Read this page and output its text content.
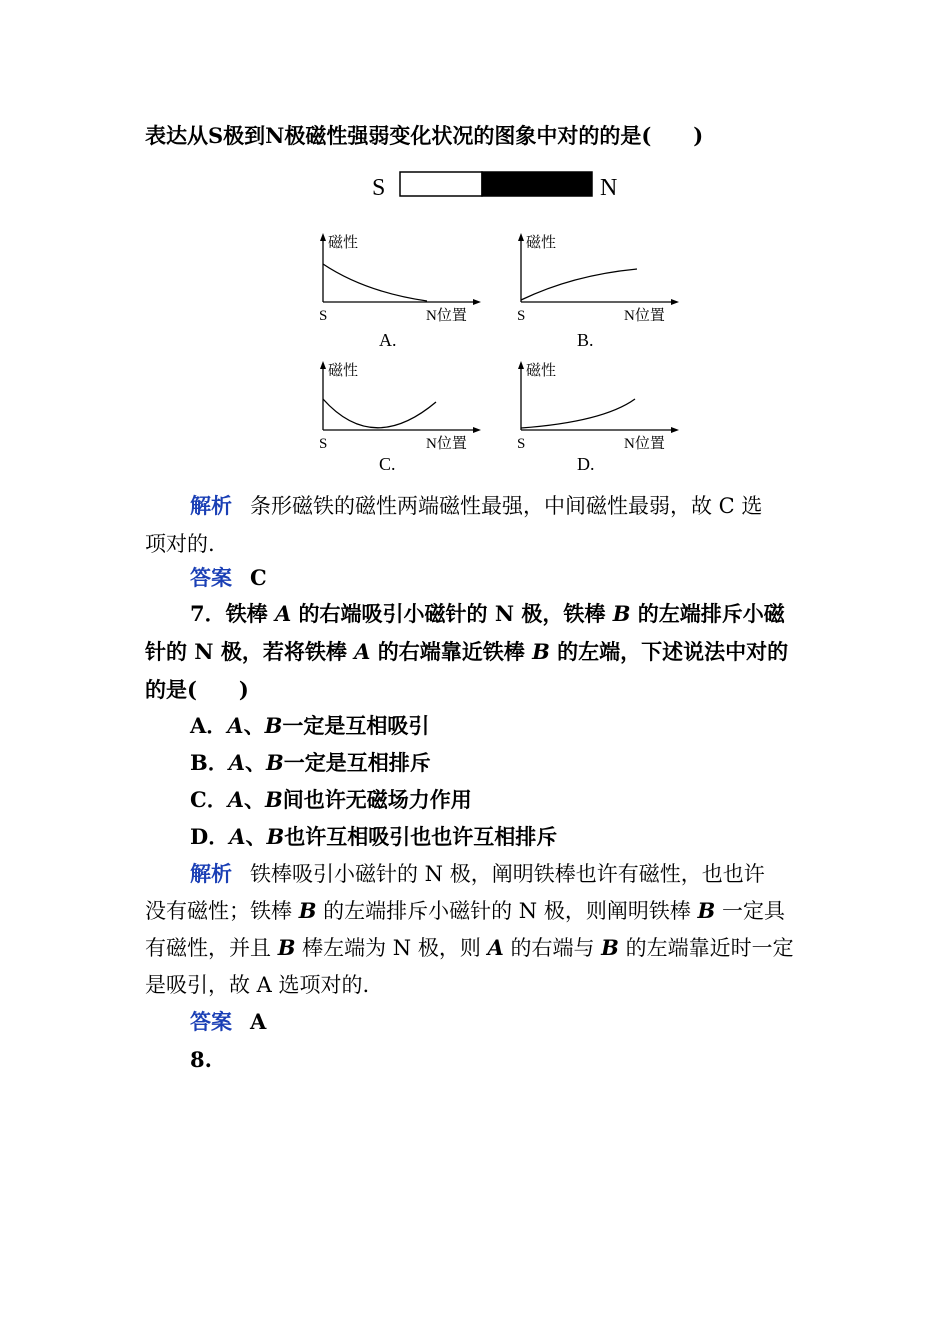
表达从S极到N极磁性强弱变化状况的图象中对的的是(　　)
S	N
磁性
S	N位置
A.
磁性
S	N位置
B.
磁性
S	N位置
C.
磁性
S	N位置
D.
解析 条形磁铁的磁性两端磁性最强，中间磁性最弱，故 C 选
项对的.
答案 C
7．铁棒 A 的右端吸引小磁针的 N 极，铁棒 B 的左端排斥小磁
针的 N 极，若将铁棒 A 的右端靠近铁棒 B 的左端，下述说法中对的
的是(　　)
A．A、B一定是互相吸引
B．A、B一定是互相排斥
C．A、B间也许无磁场力作用
D．A、B也许互相吸引也也许互相排斥
解析 铁棒吸引小磁针的 N 极，阐明铁棒也许有磁性，也也许
没有磁性；铁棒 B 的左端排斥小磁针的 N 极，则阐明铁棒 B 一定具
有磁性，并且 B 棒左端为 N 极，则 A 的右端与 B 的左端靠近时一定
是吸引，故 A 选项对的.
答案 A
8.
